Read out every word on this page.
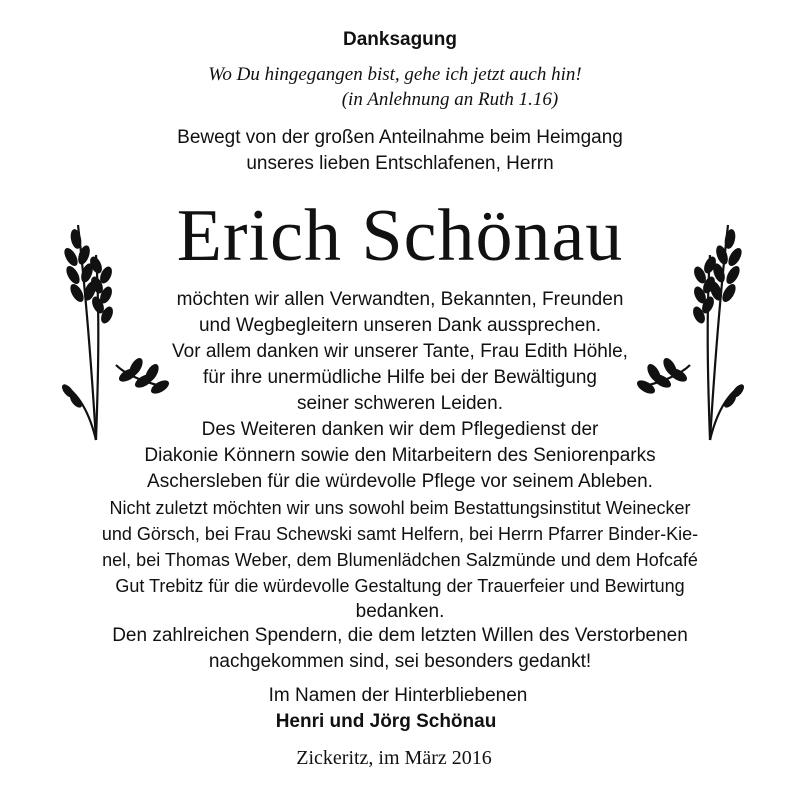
Danksagung
Wo Du hingegangen bist, gehe ich jetzt auch hin!
(in Anlehnung an Ruth 1.16)
Bewegt von der großen Anteilnahme beim Heimgang
unseres lieben Entschlafenen, Herrn
Erich Schönau
möchten wir allen Verwandten, Bekannten, Freunden
und Wegbegleitern unseren Dank aussprechen.
Vor allem danken wir unserer Tante, Frau Edith Höhle,
für ihre unermüdliche Hilfe bei der Bewältigung
seiner schweren Leiden.
Des Weiteren danken wir dem Pflegedienst der
Diakonie Könnern sowie den Mitarbeitern des Seniorenparks
Aschersleben für die würdevolle Pflege vor seinem Ableben.
Nicht zuletzt möchten wir uns sowohl beim Bestattungsinstitut Weinecker
und Görsch, bei Frau Schewski samt Helfern, bei Herrn Pfarrer Binder-Kie-
nel, bei Thomas Weber, dem Blumenlädchen Salzmünde und dem Hofcafé
Gut Trebitz für die würdevolle Gestaltung der Trauerfeier und Bewirtung
bedanken.
Den zahlreichen Spendern, die dem letzten Willen des Verstorbenen
nachgekommen sind, sei besonders gedankt!
Im Namen der Hinterbliebenen
Henri und Jörg Schönau
Zickeritz, im März 2016
